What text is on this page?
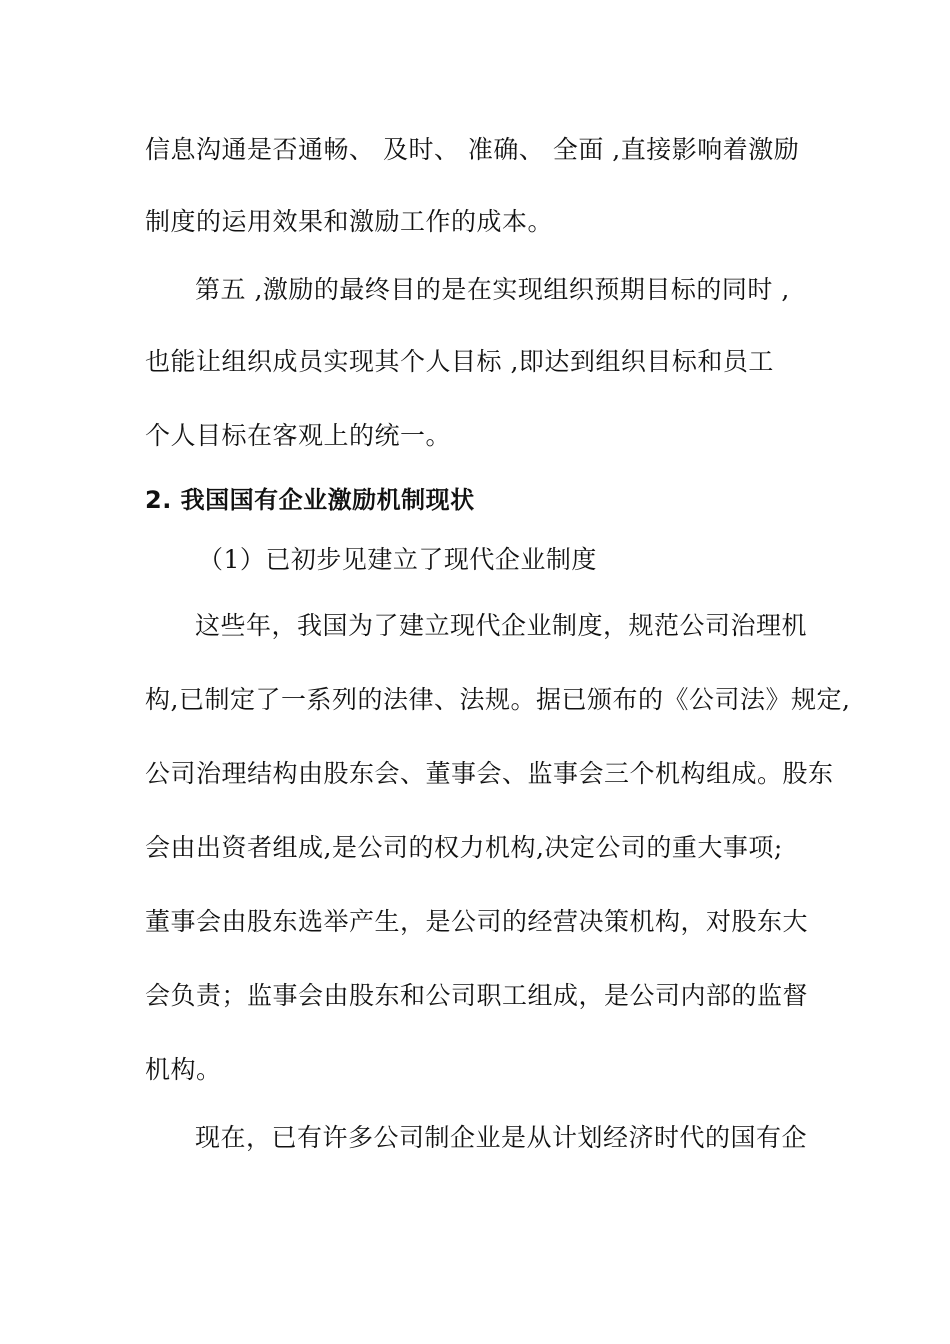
信息沟通是否通畅、 及时、 准确、 全面 ,直接影响着激励
制度的运用效果和激励工作的成本。
第五 ,激励的最终目的是在实现组织预期目标的同时 ,
也能让组织成员实现其个人目标 ,即达到组织目标和员工
个人目标在客观上的统一。
2. 我国国有企业激励机制现状
（1）已初步见建立了现代企业制度
这些年，我国为了建立现代企业制度，规范公司治理机
构,已制定了一系列的法律、法规。据已颁布的《公司法》规定,
公司治理结构由股东会、董事会、监事会三个机构组成。股东
会由出资者组成,是公司的权力机构,决定公司的重大事项;
董事会由股东选举产生，是公司的经营决策机构，对股东大
会负责；监事会由股东和公司职工组成，是公司内部的监督
机构。
现在，已有许多公司制企业是从计划经济时代的国有企
